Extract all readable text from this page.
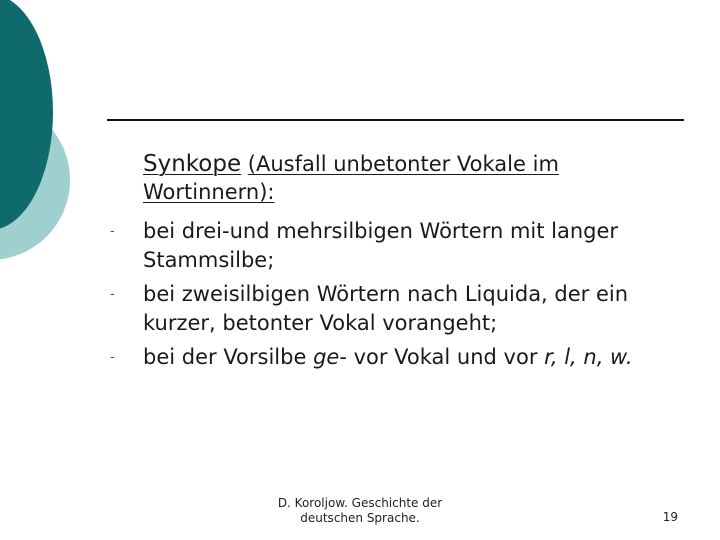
Synkope (Ausfall unbetonter Vokale im
Wortinnern):
- bei drei-und mehrsilbigen Wörtern mit langer Stammsilbe;
- bei zweisilbigen Wörtern nach Liquida, der ein kurzer, betonter Vokal vorangeht;
- bei der Vorsilbe ge- vor Vokal und vor r, l, n, w.
D. Koroljow. Geschichte der
deutschen Sprache.	19
